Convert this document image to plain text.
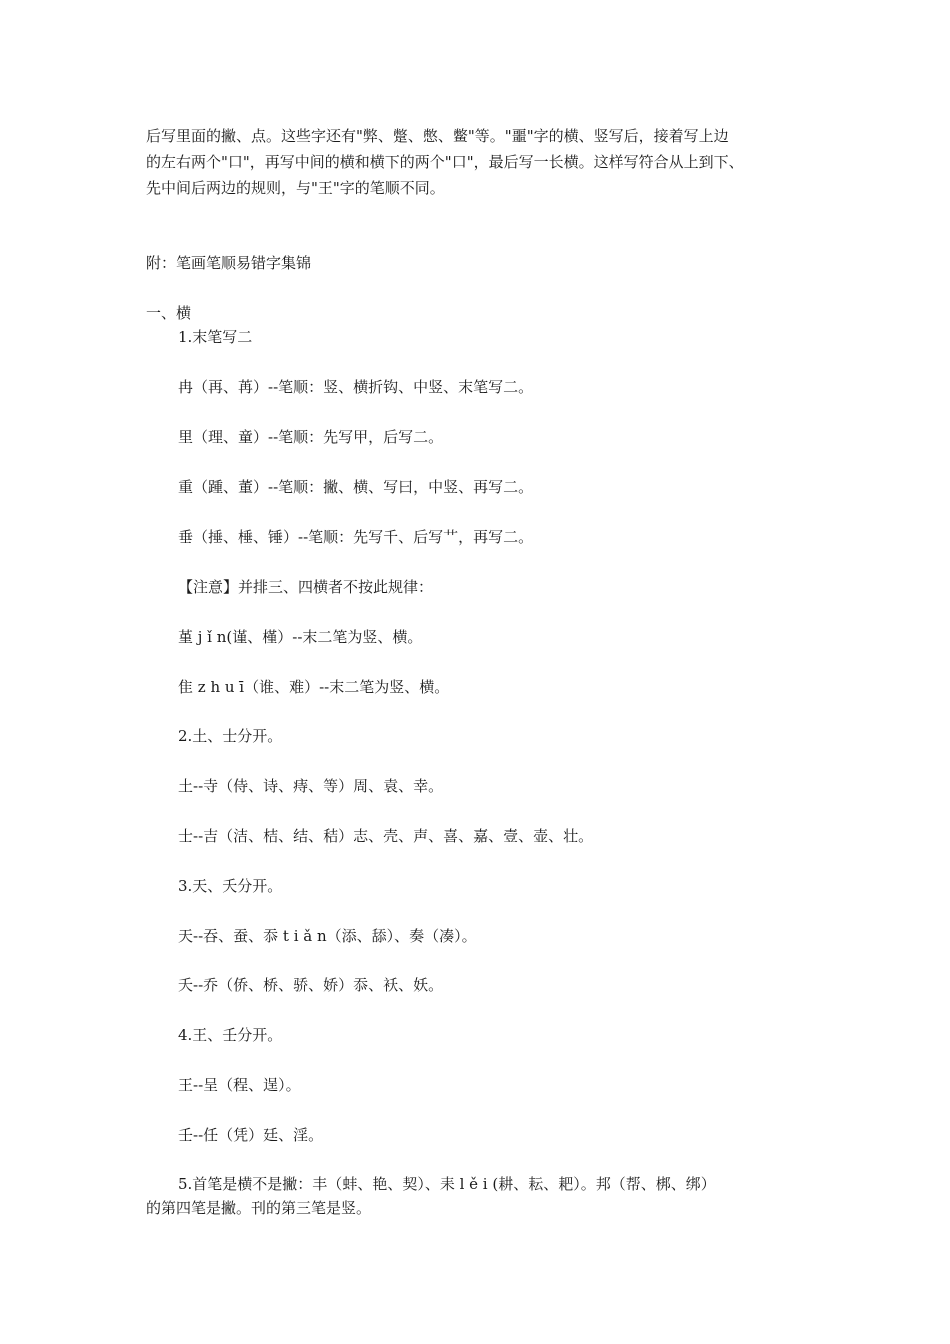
后写里面的撇、点。这些字还有"弊、蹩、憋、鳖"等。"噩"字的横、竖写后，接着写上边

的左右两个"口"，再写中间的横和横下的两个"口"，最后写一长横。这样写符合从上到下、

先中间后两边的规则，与"王"字的笔顺不同。

附：笔画笔顺易错字集锦

一、横

1.末笔写二

冉（再、苒）--笔顺：竖、横折钩、中竖、末笔写二。

里（理、童）--笔顺：先写甲，后写二。

重（踵、董）--笔顺：撇、横、写曰，中竖、再写二。

垂（捶、棰、锤）--笔顺：先写千、后写艹，再写二。

【注意】并排三、四横者不按此规律：

堇 j ǐ n(谨、槿）--末二笔为竖、横。

隹 z h u ī（谁、难）--末二笔为竖、横。

2.土、士分开。

土--寺（侍、诗、痔、等）周、袁、幸。

士--吉（洁、桔、结、秸）志、壳、声、喜、嘉、壹、壶、壮。

3.天、夭分开。

天--吞、蚕、忝 t i ǎ n（添、舔）、奏（凑）。

夭--乔（侨、桥、骄、娇）忝、袄、妖。

4.王、壬分开。

王--呈（程、逞）。

壬--任（凭）廷、淫。

5.首笔是横不是撇：丰（蚌、艳、契）、耒 l ě i (耕、耘、耙）。邦（帮、梆、绑）

的第四笔是撇。刊的第三笔是竖。
